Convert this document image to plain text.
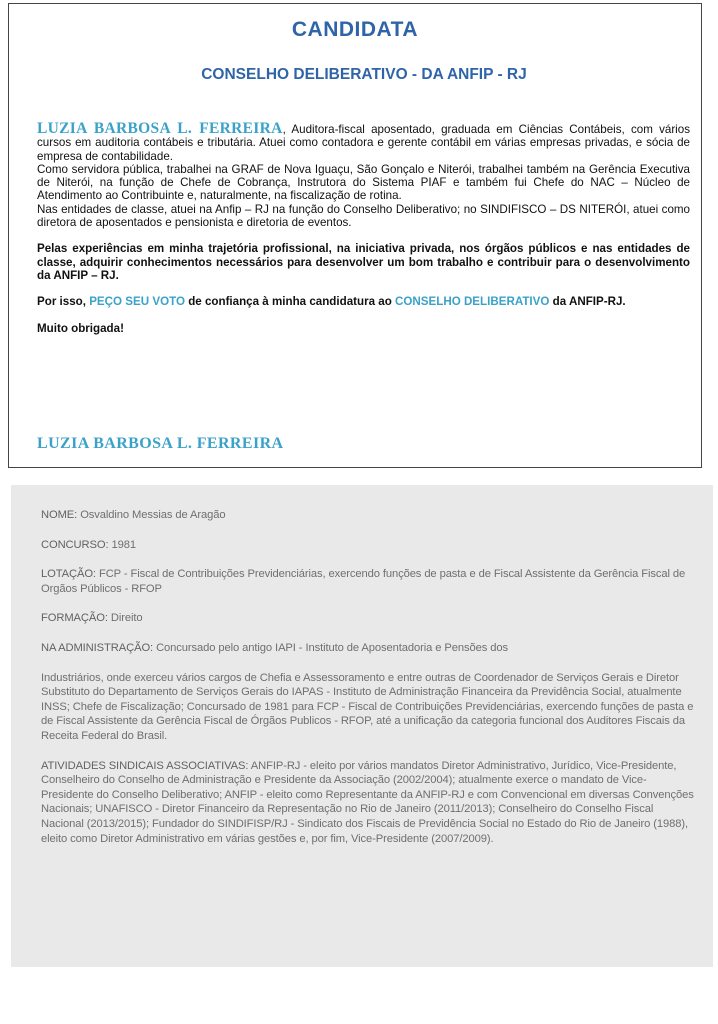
CANDIDATA
CONSELHO DELIBERATIVO - DA ANFIP - RJ

LUZIA BARBOSA L. FERREIRA, Auditora-fiscal aposentado, graduada em Ciências Contábeis, com vários cursos em auditoria contábeis e tributária. Atuei como contadora e gerente contábil em várias empresas privadas, e sócia de empresa de contabilidade.

Como servidora pública, trabalhei na GRAF de Nova Iguaçu, São Gonçalo e Niterói, trabalhei também na Gerência Executiva de Niterói, na função de Chefe de Cobrança, Instrutora do Sistema PIAF e também fui Chefe do NAC – Núcleo de Atendimento ao Contribuinte e, naturalmente, na fiscalização de rotina.

Nas entidades de classe, atuei na Anfip – RJ na função do Conselho Deliberativo; no SINDIFISCO – DS NITERÓI, atuei como diretora de aposentados e pensionista e diretoria de eventos.

Pelas experiências em minha trajetória profissional, na iniciativa privada, nos órgãos públicos e nas entidades de classe, adquirir conhecimentos necessários para desenvolver um bom trabalho e contribuir para o desenvolvimento da ANFIP – RJ.

Por isso, PEÇO SEU VOTO de confiança à minha candidatura ao CONSELHO DELIBERATIVO da ANFIP-RJ.

Muito obrigada!

LUZIA BARBOSA L. FERREIRA

NOME: Osvaldino Messias de Aragão

CONCURSO: 1981

LOTAÇÃO: FCP - Fiscal de Contribuições Previdenciárias, exercendo funções de pasta e de Fiscal Assistente da Gerência Fiscal de Orgãos Públicos - RFOP

FORMAÇÃO: Direito

NA ADMINISTRAÇÃO: Concursado pelo antigo IAPI - Instituto de Aposentadoria e Pensões dos

Industriários, onde exerceu vários cargos de Chefia e Assessoramento e entre outras de Coordenador de Serviços Gerais e Diretor Substituto do Departamento de Serviços Gerais do IAPAS - Instituto de Administração Financeira da Previdência Social, atualmente INSS; Chefe de Fiscalização; Concursado de 1981 para FCP - Fiscal de Contribuições Previdenciárias, exercendo funções de pasta e de Fiscal Assistente da Gerência Fiscal de Órgãos Publicos - RFOP, até a unificação da categoria funcional dos Auditores Fiscais da Receita Federal do Brasil.

ATIVIDADES SINDICAIS ASSOCIATIVAS: ANFIP-RJ - eleito por vários mandatos Diretor Administrativo, Jurídico, Vice-Presidente, Conselheiro do Conselho de Administração e Presidente da Associação (2002/2004); atualmente exerce o mandato de Vice-Presidente do Conselho Deliberativo; ANFIP - eleito como Representante da ANFIP-RJ e com Convencional em diversas Convenções Nacionais; UNAFISCO - Diretor Financeiro da Representação no Rio de Janeiro (2011/2013); Conselheiro do Conselho Fiscal Nacional (2013/2015); Fundador do SINDIFISP/RJ - Sindicato dos Fiscais de Previdência Social no Estado do Rio de Janeiro (1988), eleito como Diretor Administrativo em várias gestões e, por fim, Vice-Presidente (2007/2009).
